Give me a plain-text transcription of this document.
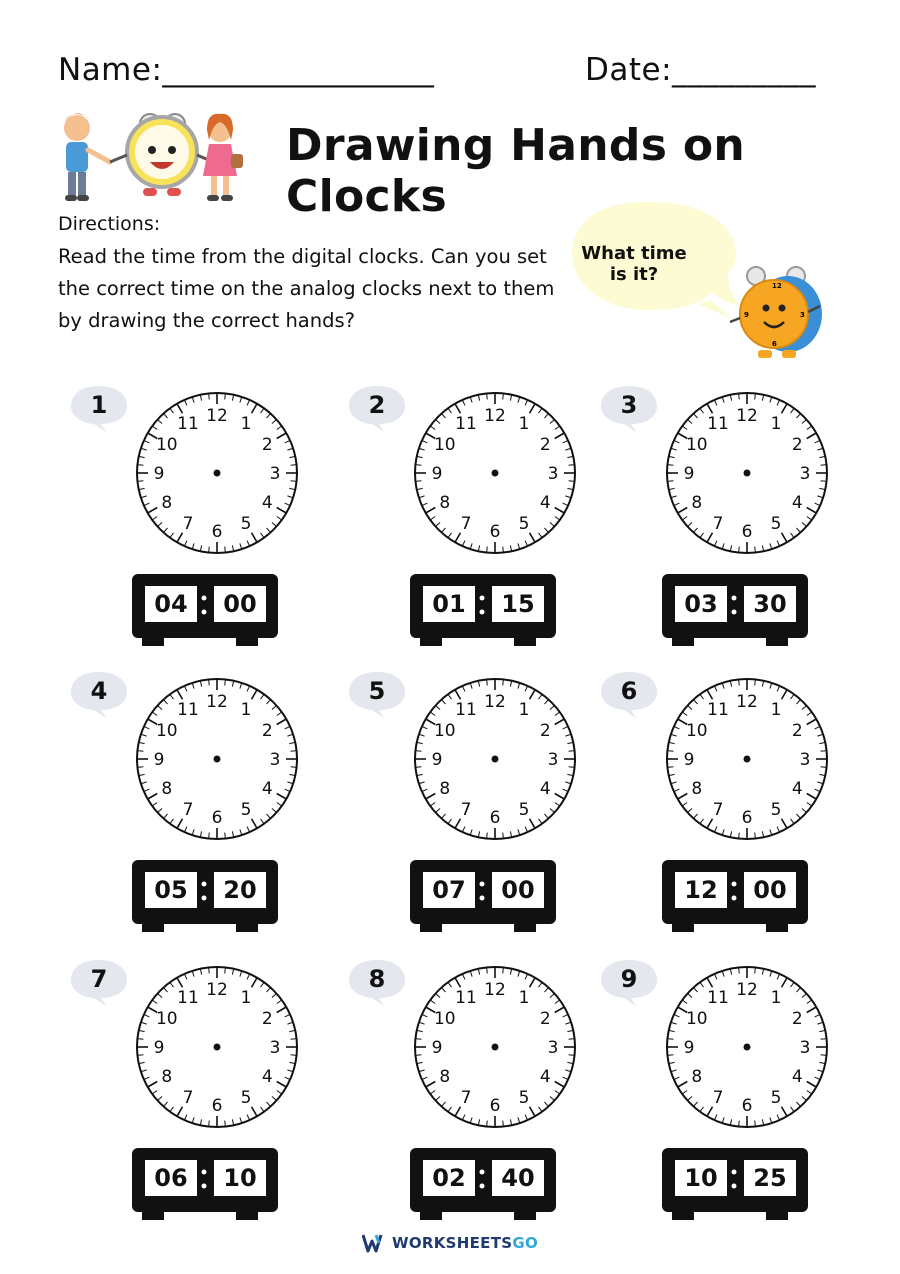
Name:_________________	Date:_________
Drawing Hands on Clocks
Directions:
Read the time from the digital clocks. Can you set the correct time on the analog clocks next to them by drawing the correct hands?
What time
is it?
12
3
6
9
1	12 1
2
3
4
5
6
7
8
9
10
11
04	00
2	12 1
2
3
4
5
6
7
8
9
10
11
01	15
3	12 1
2
3
4
5
6
7
8
9
10
11
03	30
4	12 1
2
3
4
5
6
7
8
9
10
11
05	20
5	12 1
2
3
4
5
6
7
8
9
10
11
07	00
6	12 1
2
3
4
5
6
7
8
9
10
11
12	00
7	12 1
2
3
4
5
6
7
8
9
10
11
06	10
8	12 1
2
3
4
5
6
7
8
9
10
11
02	40
9	12 1
2
3
4
5
6
7
8
9
10
11
10	25
WORKSHEETS GO
